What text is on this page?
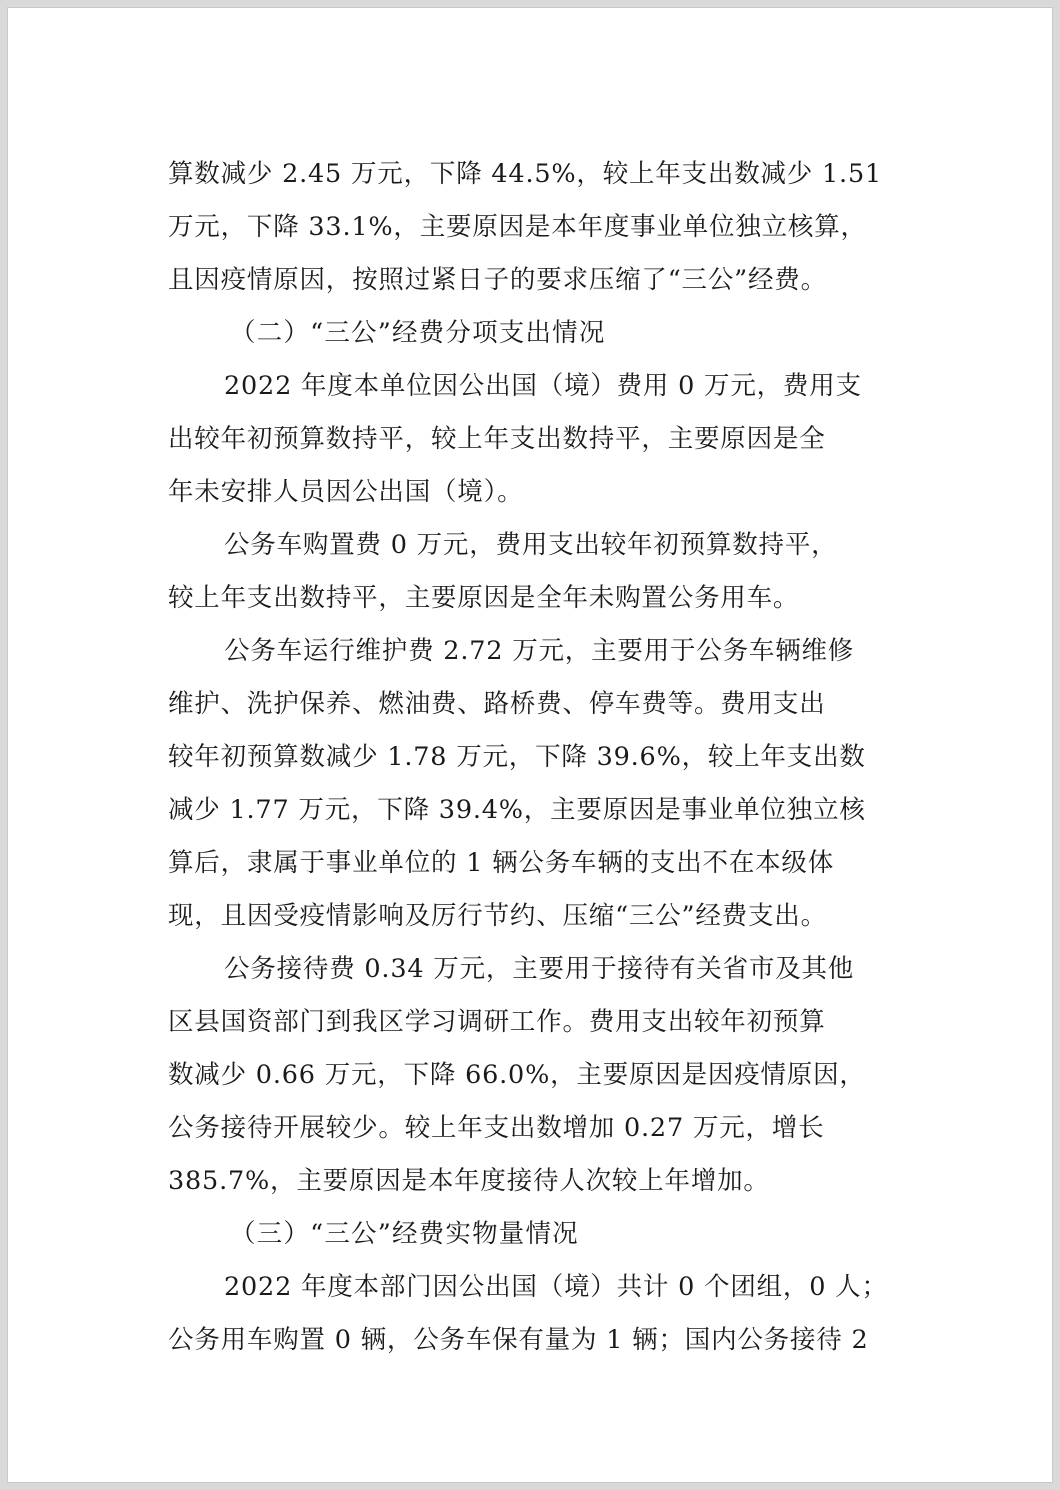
算数减少 2.45 万元，下降 44.5%，较上年支出数减少 1.51
万元，下降 33.1%，主要原因是本年度事业单位独立核算，
且因疫情原因，按照过紧日子的要求压缩了“三公”经费。
（二）“三公”经费分项支出情况
2022 年度本单位因公出国（境）费用 0 万元，费用支
出较年初预算数持平，较上年支出数持平，主要原因是全
年未安排人员因公出国（境）。
公务车购置费 0 万元，费用支出较年初预算数持平，
较上年支出数持平，主要原因是全年未购置公务用车。
公务车运行维护费 2.72 万元，主要用于公务车辆维修
维护、洗护保养、燃油费、路桥费、停车费等。费用支出
较年初预算数减少 1.78 万元，下降 39.6%，较上年支出数
减少 1.77 万元，下降 39.4%，主要原因是事业单位独立核
算后，隶属于事业单位的 1 辆公务车辆的支出不在本级体
现，且因受疫情影响及厉行节约、压缩“三公”经费支出。
公务接待费 0.34 万元，主要用于接待有关省市及其他
区县国资部门到我区学习调研工作。费用支出较年初预算
数减少 0.66 万元，下降 66.0%，主要原因是因疫情原因，
公务接待开展较少。较上年支出数增加 0.27 万元，增长
385.7%，主要原因是本年度接待人次较上年增加。
（三）“三公”经费实物量情况
2022 年度本部门因公出国（境）共计 0 个团组，0 人；
公务用车购置 0 辆，公务车保有量为 1 辆；国内公务接待 2
